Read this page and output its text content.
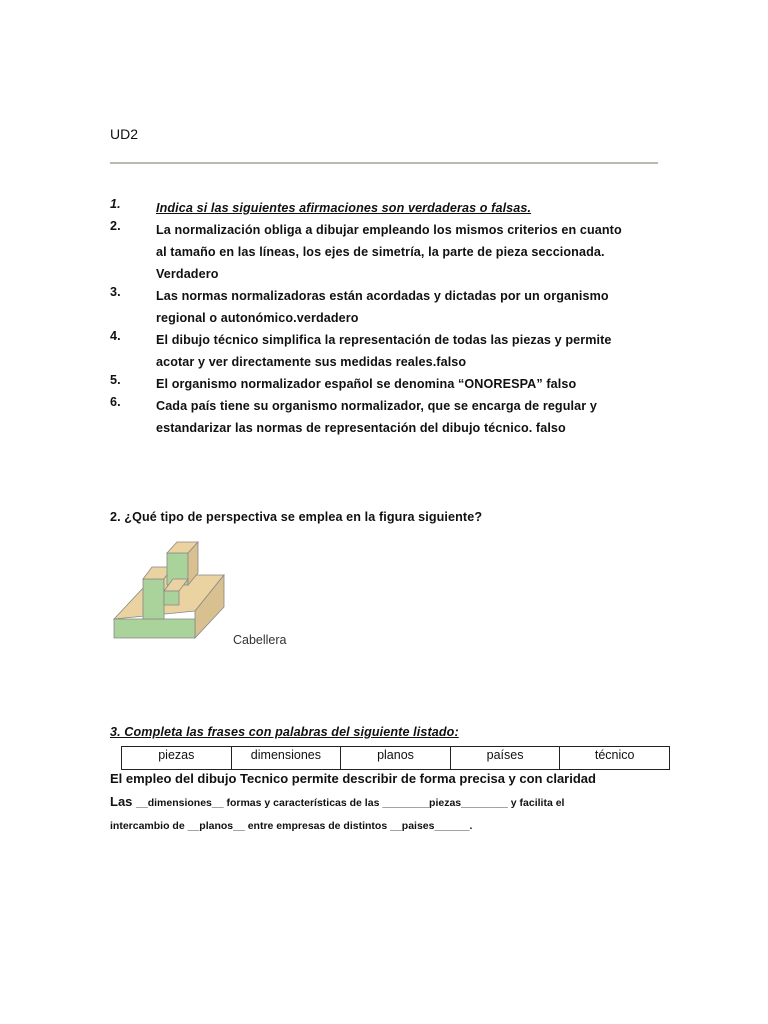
UD2
1.	Indica si las siguientes afirmaciones son verdaderas o falsas.
2.	La normalización obliga a dibujar empleando los mismos criterios en cuanto
al tamaño en las líneas, los ejes de simetría, la parte de pieza seccionada.
Verdadero
3.	Las normas normalizadoras están acordadas y dictadas por un organismo
regional o autonómico.verdadero
4.	El dibujo técnico simplifica la representación de todas las piezas y permite
acotar y ver directamente sus medidas reales.falso
5.	El organismo normalizador español se denomina “ONORESPA” falso
6.	Cada país tiene su organismo normalizador, que se encarga de regular y
estandarizar las normas de representación del dibujo técnico. falso
2. ¿Qué tipo de perspectiva se emplea en la figura siguiente?
Cabellera
3. Completa las frases con palabras del siguiente listado:
piezas	dimensiones	planos	países	técnico
El empleo del dibujo Tecnico permite describir de forma precisa y con claridad
Las __dimensiones__ formas y características de las ________piezas________ y facilita el
intercambio de __planos__ entre empresas de distintos __paises______.
